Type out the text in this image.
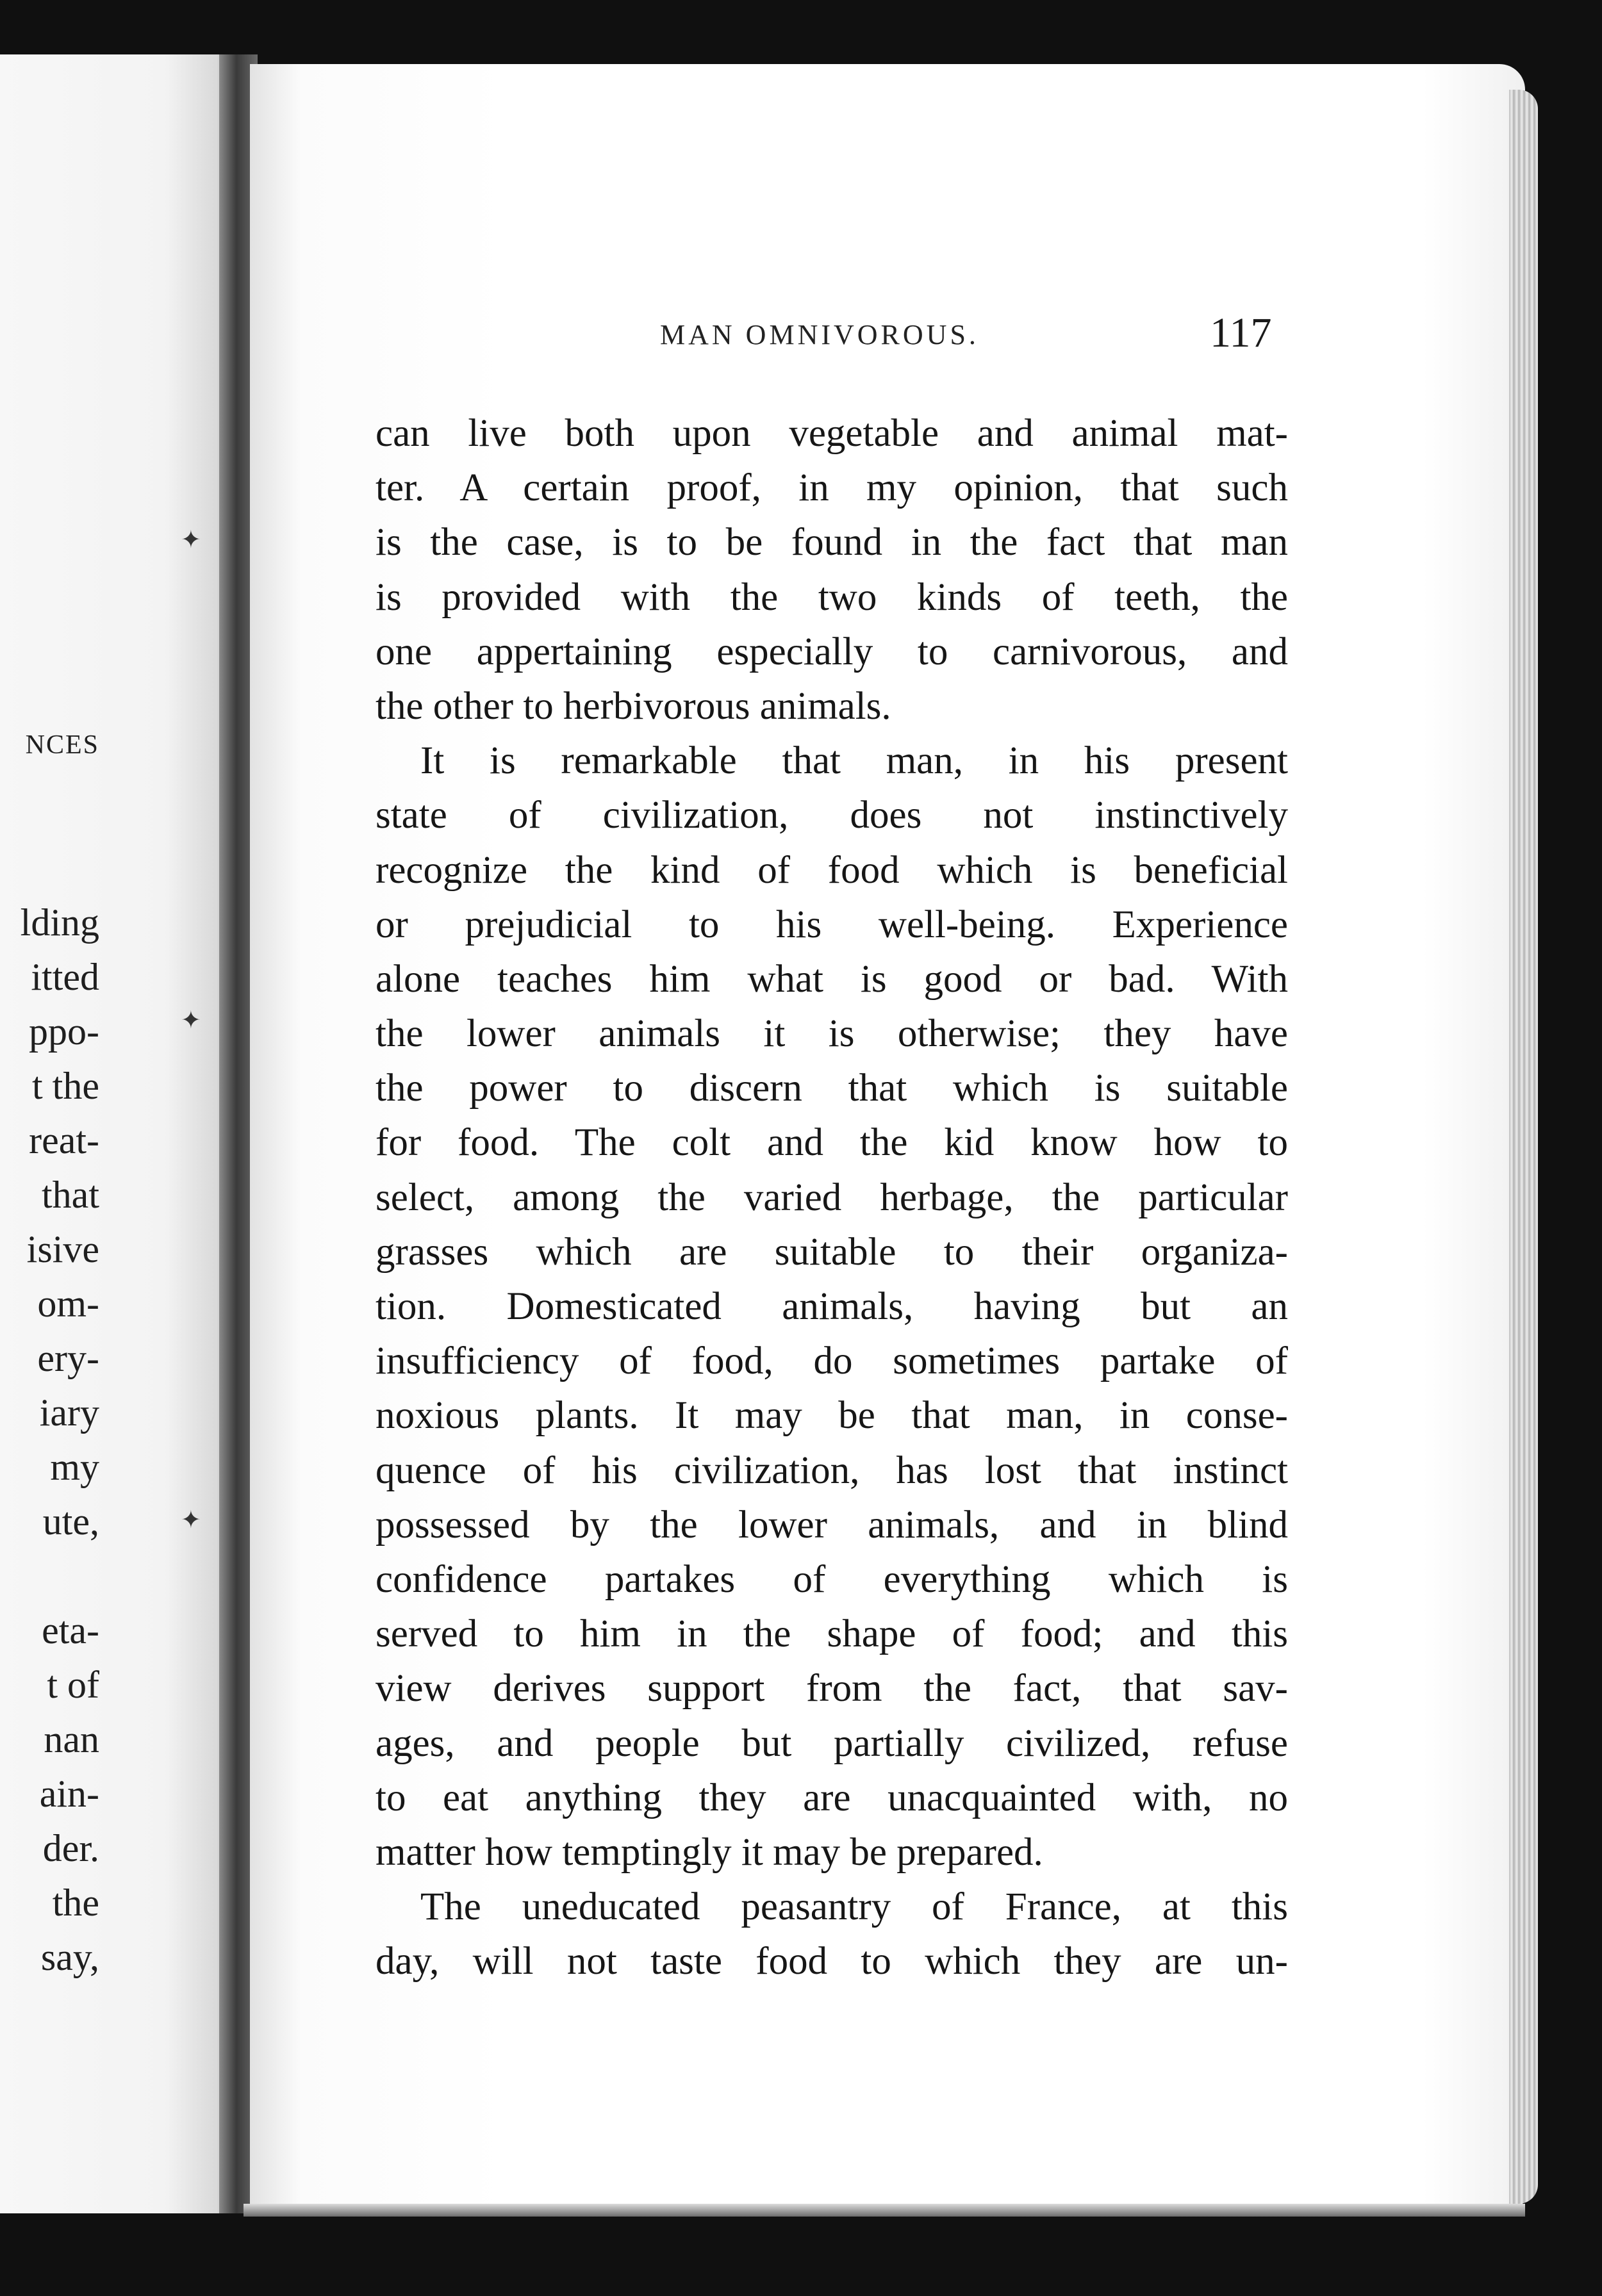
NCES
lding
itted
ppo-
t the
reat-
that
isive
om-
ery-
iary
my
ute,
eta-
t of
nan
ain-
der.
the
say,
✦
✦
✦
MAN OMNIVOROUS.	117
can live both upon vegetable and animal mat-
ter. A certain proof, in my opinion, that such
is the case, is to be found in the fact that man
is provided with the two kinds of teeth, the
one appertaining especially to carnivorous, and
the other to herbivorous animals.
It is remarkable that man, in his present
state of civilization, does not instinctively
recognize the kind of food which is beneficial
or prejudicial to his well-being. Experience
alone teaches him what is good or bad. With
the lower animals it is otherwise; they have
the power to discern that which is suitable
for food. The colt and the kid know how to
select, among the varied herbage, the particular
grasses which are suitable to their organiza-
tion. Domesticated animals, having but an
insufficiency of food, do sometimes partake of
noxious plants. It may be that man, in conse-
quence of his civilization, has lost that instinct
possessed by the lower animals, and in blind
confidence partakes of everything which is
served to him in the shape of food; and this
view derives support from the fact, that sav-
ages, and people but partially civilized, refuse
to eat anything they are unacquainted with, no
matter how temptingly it may be prepared.
The uneducated peasantry of France, at this
day, will not taste food to which they are un-
